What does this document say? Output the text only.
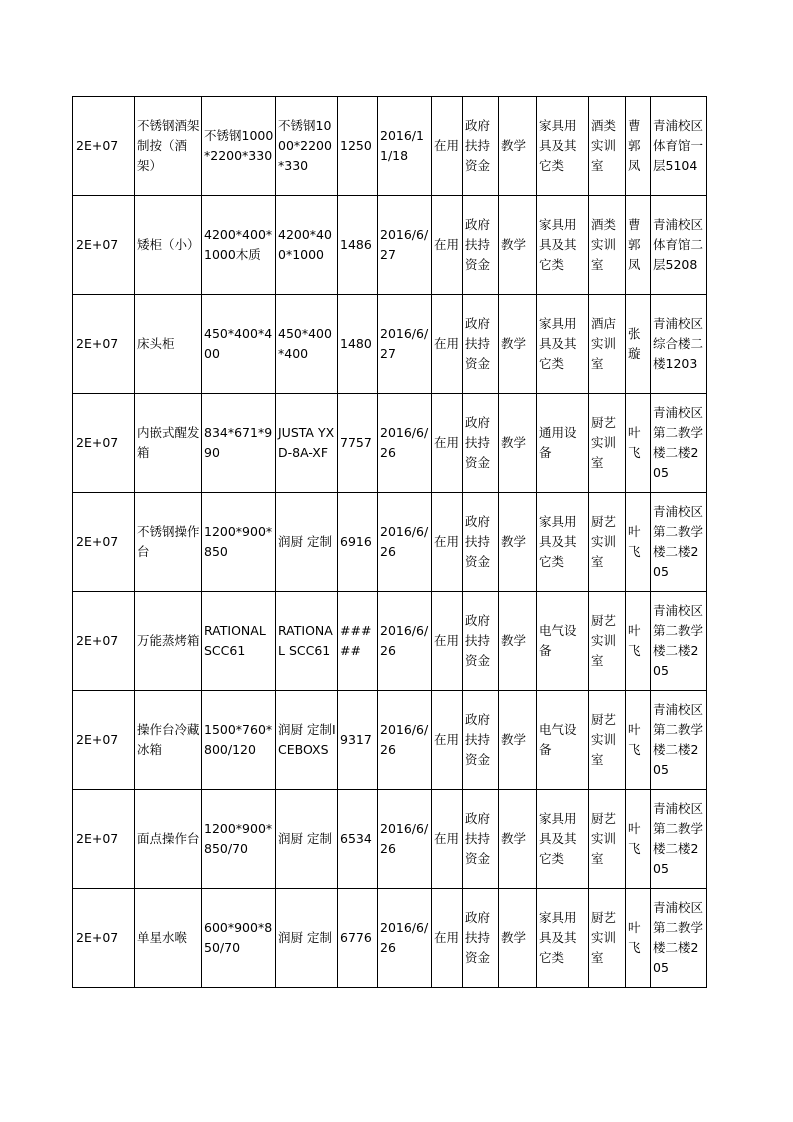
2E+07	不锈钢酒架制按（酒架）	不锈钢1000*2200*330	不锈钢1000*2200*330	1250	2016/11/18	在用	政府扶持资金	教学	家具用具及其它类	酒类实训室	曹郭凤	青浦校区体育馆一层5104

2E+07	矮柜（小）	4200*400*1000木质	4200*400*1000	1486	2016/6/27	在用	政府扶持资金	教学	家具用具及其它类	酒类实训室	曹郭凤	青浦校区体育馆二层5208

2E+07	床头柜	450*400*400	450*400*400	1480	2016/6/27	在用	政府扶持资金	教学	家具用具及其它类	酒店实训室	张璇	青浦校区综合楼二楼1203

2E+07	内嵌式醒发箱	834*671*990	JUSTA YXD-8A-XF	7757	2016/6/26	在用	政府扶持资金	教学	通用设备	厨艺实训室	叶飞	青浦校区第二教学楼二楼205

2E+07	不锈钢操作台	1200*900*850	润厨 定制	6916	2016/6/26	在用	政府扶持资金	教学	家具用具及其它类	厨艺实训室	叶飞	青浦校区第二教学楼二楼205

2E+07	万能蒸烤箱	RATIONAL SCC61	RATIONAL SCC61	#####	2016/6/26	在用	政府扶持资金	教学	电气设备	厨艺实训室	叶飞	青浦校区第二教学楼二楼205

2E+07	操作台冷藏冰箱	1500*760*800/120	润厨 定制ICEBOXS	9317	2016/6/26	在用	政府扶持资金	教学	电气设备	厨艺实训室	叶飞	青浦校区第二教学楼二楼205

2E+07	面点操作台	1200*900*850/70	润厨 定制	6534	2016/6/26	在用	政府扶持资金	教学	家具用具及其它类	厨艺实训室	叶飞	青浦校区第二教学楼二楼205

2E+07	单星水喉	600*900*850/70	润厨 定制	6776	2016/6/26	在用	政府扶持资金	教学	家具用具及其它类	厨艺实训室	叶飞	青浦校区第二教学楼二楼205
